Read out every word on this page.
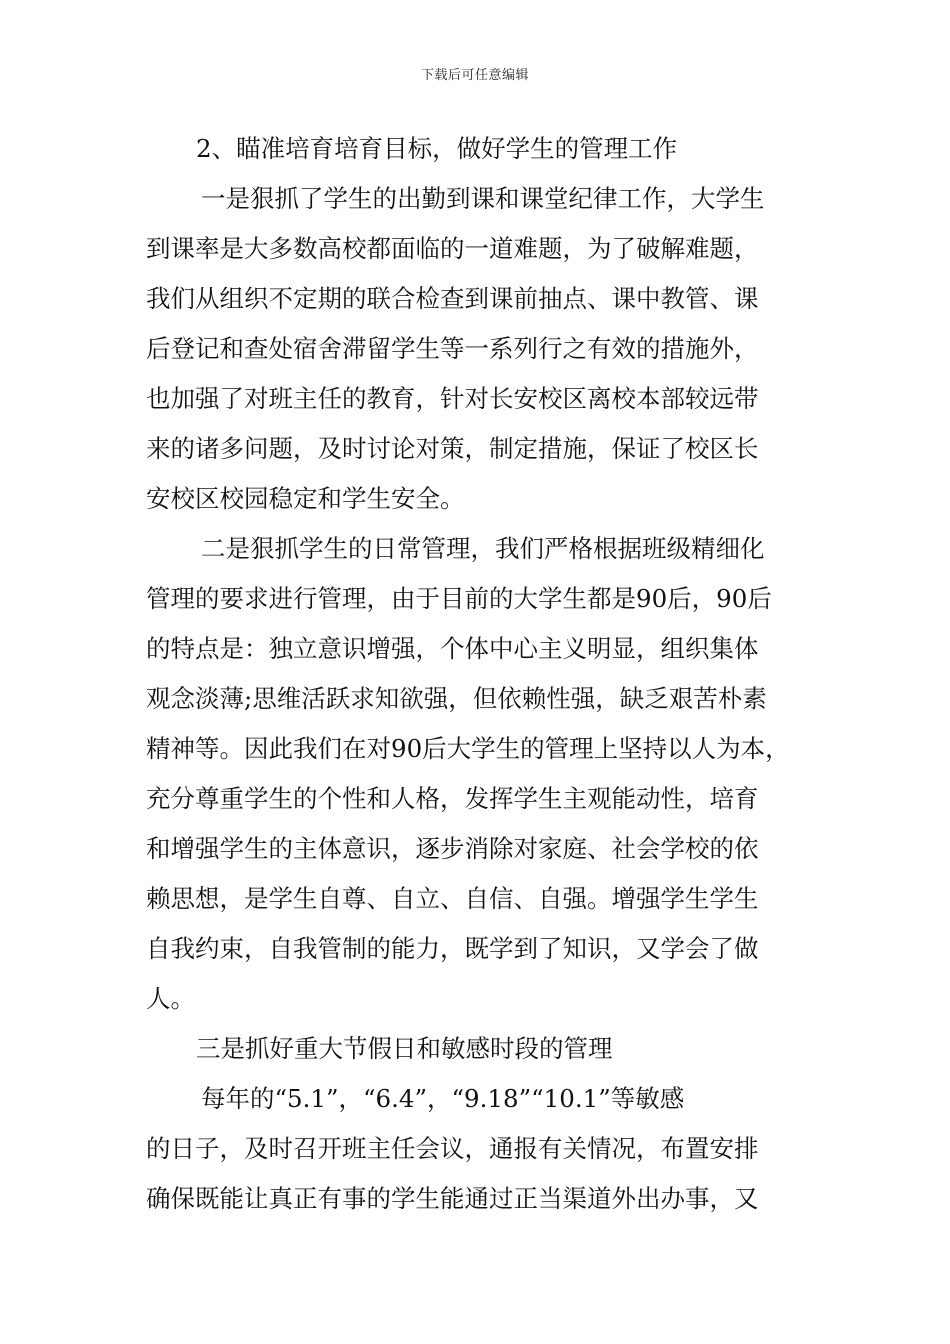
下载后可任意编辑
2、瞄准培育培育目标，做好学生的管理工作
一是狠抓了学生的出勤到课和课堂纪律工作，大学生
到课率是大多数高校都面临的一道难题，为了破解难题，
我们从组织不定期的联合检查到课前抽点、课中教管、课
后登记和查处宿舍滞留学生等一系列行之有效的措施外，
也加强了对班主任的教育，针对长安校区离校本部较远带
来的诸多问题，及时讨论对策，制定措施，保证了校区长
安校区校园稳定和学生安全。
二是狠抓学生的日常管理，我们严格根据班级精细化
管理的要求进行管理，由于目前的大学生都是90后，90后
的特点是：独立意识增强，个体中心主义明显，组织集体
观念淡薄;思维活跃求知欲强，但依赖性强，缺乏艰苦朴素
精神等。因此我们在对90后大学生的管理上坚持以人为本，
充分尊重学生的个性和人格，发挥学生主观能动性，培育
和增强学生的主体意识，逐步消除对家庭、社会学校的依
赖思想，是学生自尊、自立、自信、自强。增强学生学生
自我约束，自我管制的能力，既学到了知识，又学会了做
人。
三是抓好重大节假日和敏感时段的管理
每年的“5.1”，“6.4”，“9.18”“10.1”等敏感
的日子，及时召开班主任会议，通报有关情况，布置安排
确保既能让真正有事的学生能通过正当渠道外出办事，又
